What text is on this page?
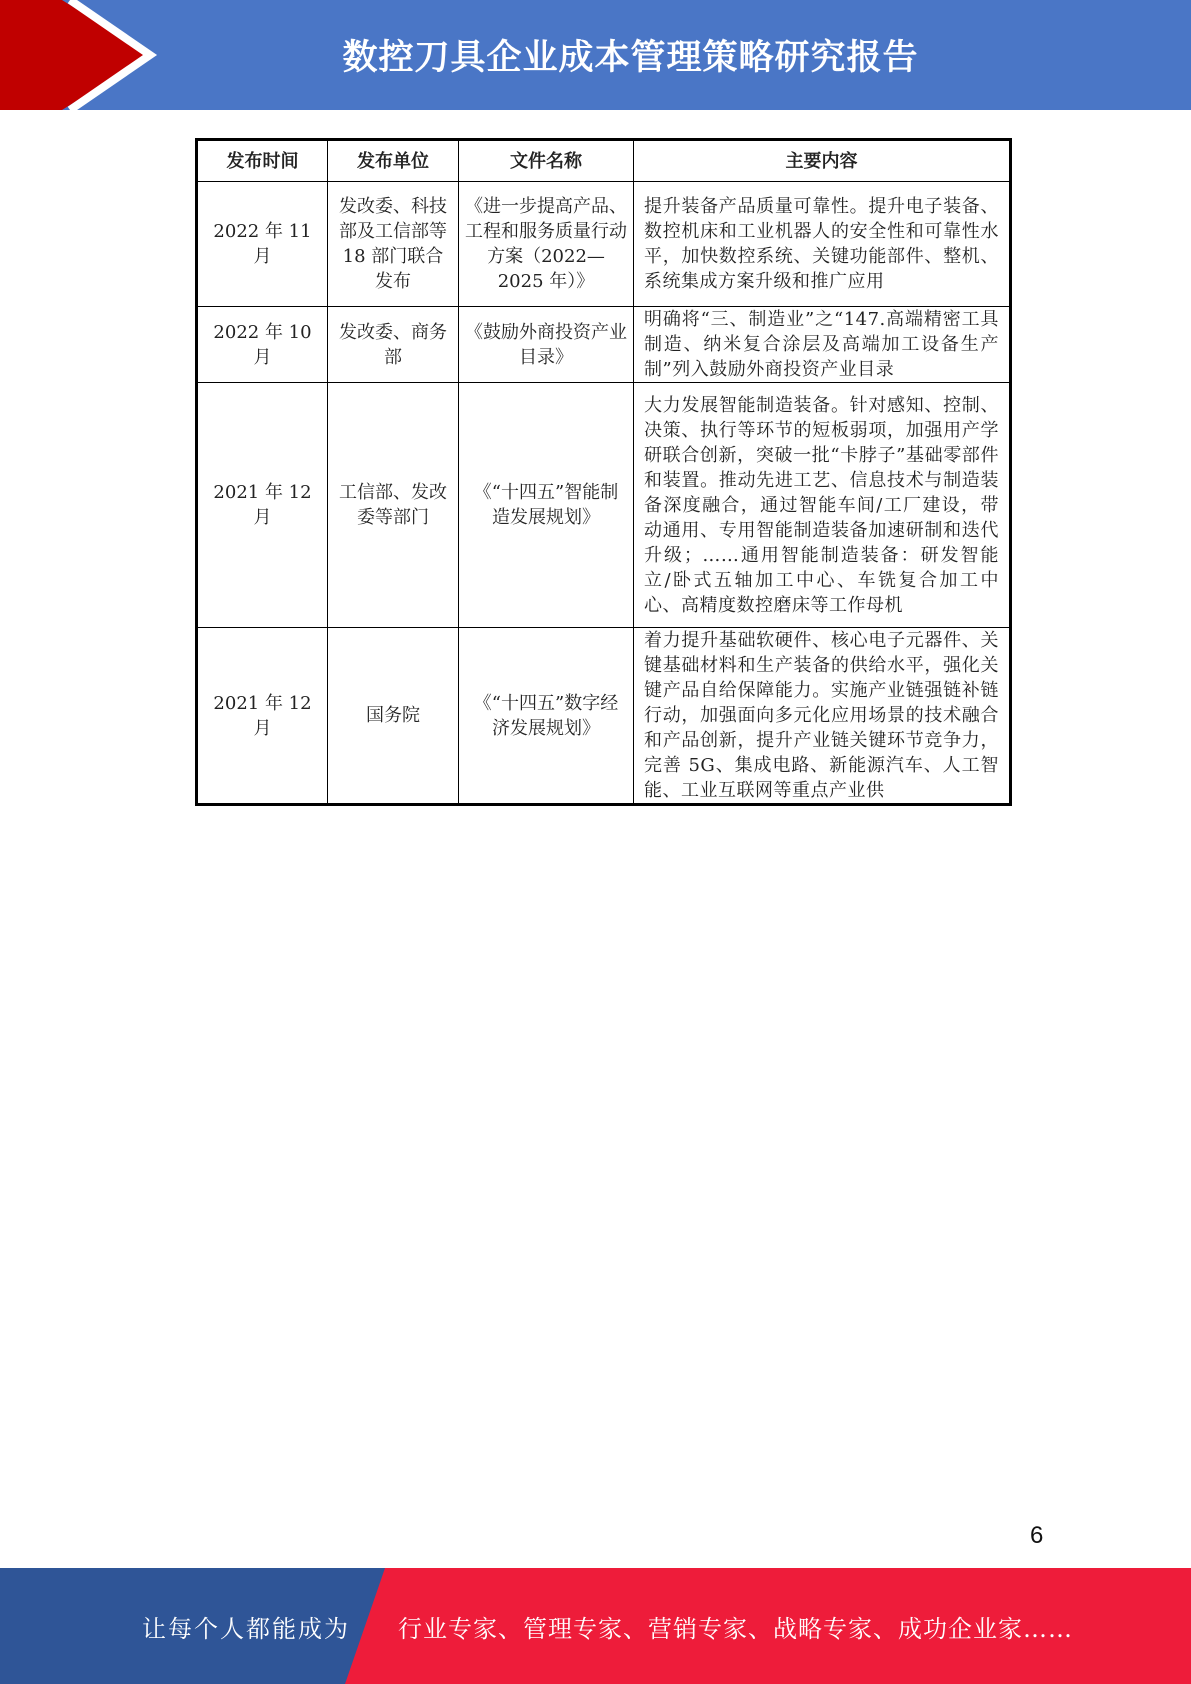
数控刀具企业成本管理策略研究报告
发布时间	发布单位	文件名称	主要内容
2022 年 11 月	发改委、科技部及工信部等 18 部门联合发布	《进一步提高产品、工程和服务质量行动方案（2022—2025 年）》	提升装备产品质量可靠性。提升电子装备、数控机床和工业机器人的安全性和可靠性水平，加快数控系统、关键功能部件、整机、系统集成方案升级和推广应用
2022 年 10 月	发改委、商务部	《鼓励外商投资产业目录》	明确将“三、制造业”之“147.高端精密工具制造、纳米复合涂层及高端加工设备生产制”列入鼓励外商投资产业目录
2021 年 12 月	工信部、发改委等部门	《“十四五”智能制造发展规划》	大力发展智能制造装备。针对感知、控制、决策、执行等环节的短板弱项，加强用产学研联合创新，突破一批“卡脖子”基础零部件和装置。推动先进工艺、信息技术与制造装备深度融合，通过智能车间/工厂建设，带动通用、专用智能制造装备加速研制和迭代升级；……通用智能制造装备：研发智能立/卧式五轴加工中心、车铣复合加工中心、高精度数控磨床等工作母机
2021 年 12 月	国务院	《“十四五”数字经济发展规划》	着力提升基础软硬件、核心电子元器件、关键基础材料和生产装备的供给水平，强化关键产品自给保障能力。实施产业链强链补链行动，加强面向多元化应用场景的技术融合和产品创新，提升产业链关键环节竞争力，完善 5G、集成电路、新能源汽车、人工智能、工业互联网等重点产业供
6
让每个人都能成为 行业专家、管理专家、营销专家、战略专家、成功企业家……
